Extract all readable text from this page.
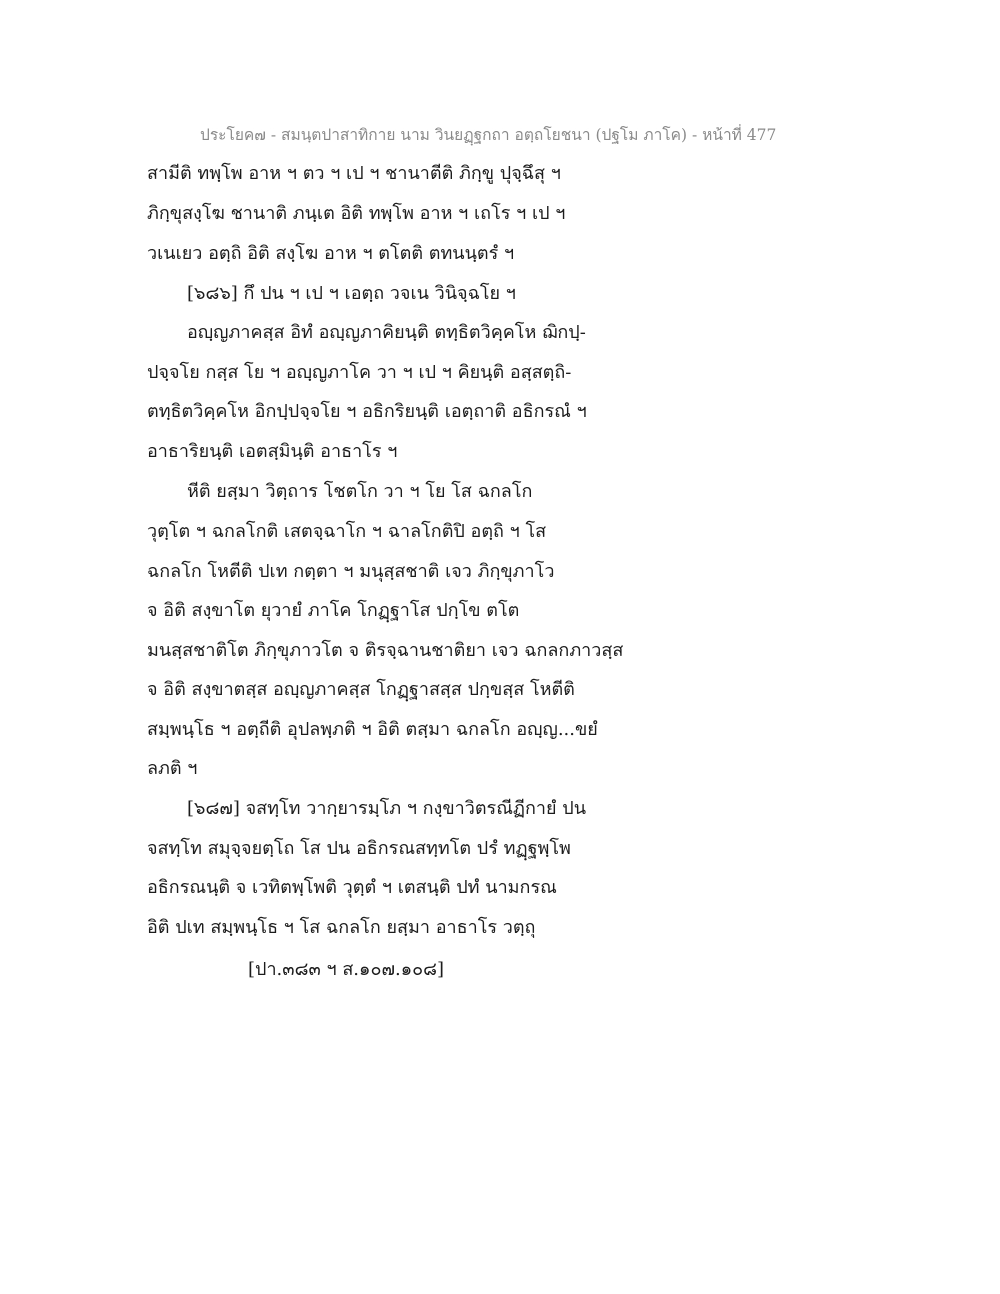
ประโยค๗ - สมนฺตปาสาทิกาย นาม วินยฏฺฐกถา อตฺถโยชนา (ปฐโม ภาโค) - หน้าที่ 477
สามีติ ทพฺโพ อาห ฯ ตว ฯ เป ฯ ชานาตีติ ภิกฺขู ปุจฺฉึสุ ฯ
ภิกฺขุสงฺโฆ ชานาติ ภนฺเต อิติ ทพฺโพ อาห ฯ เถโร ฯ เป ฯ
วเนเยว อตฺถิ อิติ สงฺโฆ อาห ฯ ตโตติ ตทนนฺตรํ ฯ
[๖๘๖] กึ ปน ฯ เป ฯ เอตฺถ วจเน วินิจฺฉโย ฯ
อญฺญภาคสฺส อิทํ อญฺญภาคิยนฺติ ตทฺธิตวิคฺคโห ฌิกปฺ-
ปจฺจโย กสฺส โย ฯ อญฺญภาโค วา ฯ เป ฯ คิยนฺติ อสฺสตฺถิ-
ตทฺธิตวิคฺคโห อิกปฺปจฺจโย ฯ อธิกริยนฺติ เอตฺถาติ อธิกรณํ ฯ
อาธาริยนฺติ เอตสฺมินฺติ อาธาโร ฯ
หีติ ยสฺมา วิตฺถาร โชตโก วา ฯ โย โส ฉกลโก
วุตฺโต ฯ ฉกลโกติ เสตจฺฉาโก ฯ ฉาลโกติปิ อตฺถิ ฯ โส
ฉกลโก โหตีติ ปเท กตฺตา ฯ มนุสฺสชาติ เจว ภิกฺขุภาโว
จ อิติ สงฺขาโต ยุวายํ ภาโค โกฏฺฐาโส ปกฺโข ตโต
มนสฺสชาติโต ภิกฺขุภาวโต จ ติรจฺฉานชาติยา เจว ฉกลกภาวสฺส
จ อิติ สงฺขาตสฺส อญฺญภาคสฺส โกฏฺฐาสสฺส ปกฺขสฺส โหตีติ
สมฺพนฺโธ ฯ อตฺถีติ อุปลพฺภติ ฯ อิติ ตสฺมา ฉกลโก อญฺญ...ขยํ
ลภติ ฯ
[๖๘๗] จสทฺโท วากฺยารมฺโภ ฯ กงฺขาวิตรณีฏีกายํ ปน
จสทฺโท สมุจฺจยตฺโถ โส ปน อธิกรณสทฺทโต ปรํ ทฏฺฐพฺโพ
อธิกรณนฺติ จ เวทิตพฺโพติ วุตฺตํ ฯ เตสนฺติ ปทํ นามกรณ
อิติ ปเท สมฺพนฺโธ ฯ โส ฉกลโก ยสฺมา อาธาโร วตฺถุ
[ปา.๓๘๓ ฯ ส.๑๐๗.๑๐๘]
